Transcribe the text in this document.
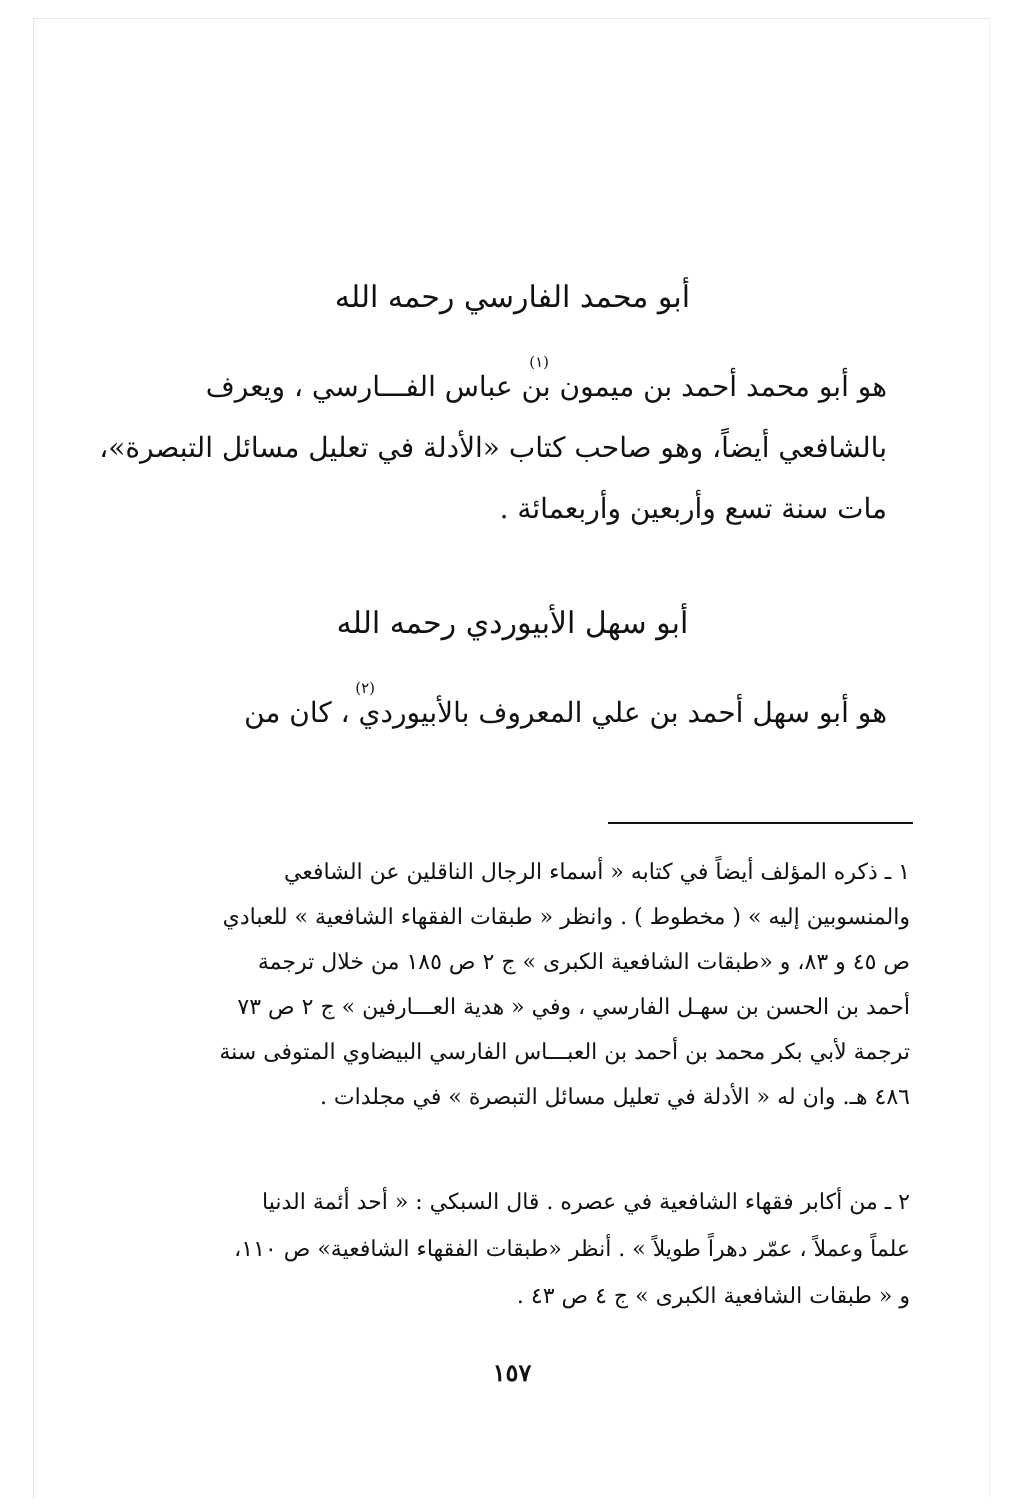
أبو محمد الفارسي رحمه الله
هو أبو محمد أحمد بن ميمون بن عباس الفـــارسي ، ويعرف
(١)
بالشافعي أيضاً، وهو صاحب كتاب «الأدلة في تعليل مسائل التبصرة»،
مات سنة تسع وأربعين وأربعمائة .
أبو سهل الأبيوردي رحمه الله
هو أبو سهل أحمد بن علي المعروف بالأبيوردي ، كان من
(٢)
١ ـ ذكره المؤلف أيضاً في كتابه « أسماء الرجال الناقلين عن الشافعي
والمنسوبين إليه » ( مخطوط ) . وانظر « طبقات الفقهاء الشافعية » للعبادي
ص ٤٥ و ٨٣، و «طبقات الشافعية الكبرى » ج ٢ ص ١٨٥ من خلال ترجمة
أحمد بن الحسن بن سهـل الفارسي ، وفي « هدية العـــارفين » ج ٢ ص ٧٣
ترجمة لأبي بكر محمد بن أحمد بن العبـــاس الفارسي البيضاوي المتوفى سنة
٤٨٦ هـ. وان له « الأدلة في تعليل مسائل التبصرة » في مجلدات .
٢ ـ من أكابر فقهاء الشافعية في عصره . قال السبكي : « أحد أئمة الدنيا
علماً وعملاً ، عمّر دهراً طويلاً » . أنظر «طبقات الفقهاء الشافعية» ص ١١٠،
و « طبقات الشافعية الكبرى » ج ٤ ص ٤٣ .
١٥٧
